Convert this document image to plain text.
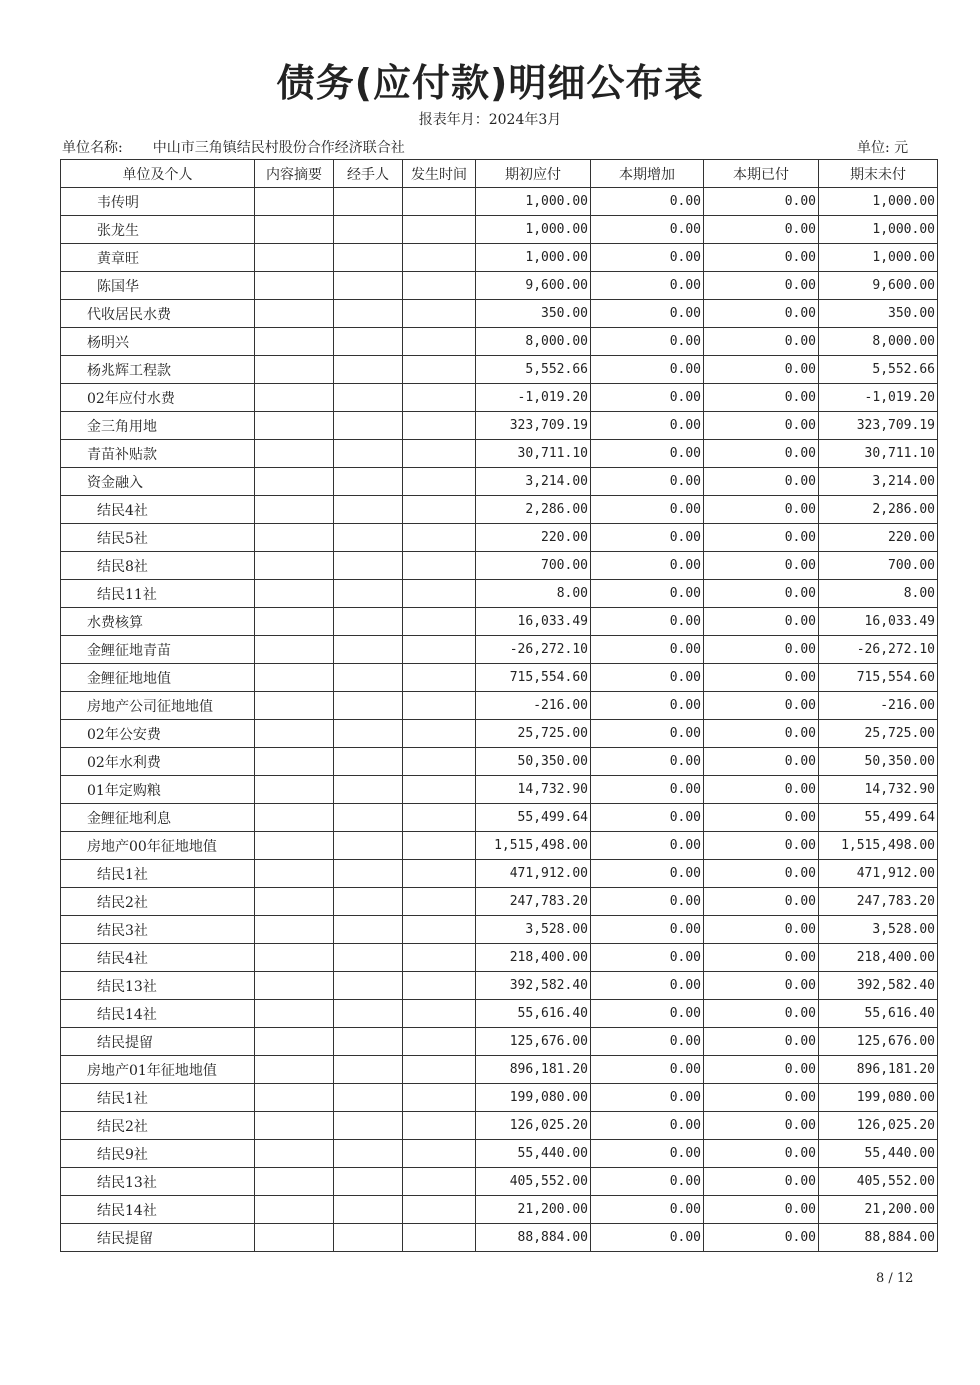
债务(应付款)明细公布表
报表年月：2024年3月
单位名称: 中山市三角镇结民村股份合作经济联合社	单位: 元
单位及个人	内容摘要	经手人	发生时间	期初应付	本期增加	本期已付	期末未付
韦传明				1,000.00	0.00	0.00	1,000.00
张龙生				1,000.00	0.00	0.00	1,000.00
黄章旺				1,000.00	0.00	0.00	1,000.00
陈国华				9,600.00	0.00	0.00	9,600.00
代收居民水费				350.00	0.00	0.00	350.00
杨明兴				8,000.00	0.00	0.00	8,000.00
杨兆辉工程款				5,552.66	0.00	0.00	5,552.66
02年应付水费				-1,019.20	0.00	0.00	-1,019.20
金三角用地				323,709.19	0.00	0.00	323,709.19
青苗补贴款				30,711.10	0.00	0.00	30,711.10
资金融入				3,214.00	0.00	0.00	3,214.00
结民4社				2,286.00	0.00	0.00	2,286.00
结民5社				220.00	0.00	0.00	220.00
结民8社				700.00	0.00	0.00	700.00
结民11社				8.00	0.00	0.00	8.00
水费核算				16,033.49	0.00	0.00	16,033.49
金鲤征地青苗				-26,272.10	0.00	0.00	-26,272.10
金鲤征地地值				715,554.60	0.00	0.00	715,554.60
房地产公司征地地值				-216.00	0.00	0.00	-216.00
02年公安费				25,725.00	0.00	0.00	25,725.00
02年水利费				50,350.00	0.00	0.00	50,350.00
01年定购粮				14,732.90	0.00	0.00	14,732.90
金鲤征地利息				55,499.64	0.00	0.00	55,499.64
房地产00年征地地值				1,515,498.00	0.00	0.00	1,515,498.00
结民1社				471,912.00	0.00	0.00	471,912.00
结民2社				247,783.20	0.00	0.00	247,783.20
结民3社				3,528.00	0.00	0.00	3,528.00
结民4社				218,400.00	0.00	0.00	218,400.00
结民13社				392,582.40	0.00	0.00	392,582.40
结民14社				55,616.40	0.00	0.00	55,616.40
结民提留				125,676.00	0.00	0.00	125,676.00
房地产01年征地地值				896,181.20	0.00	0.00	896,181.20
结民1社				199,080.00	0.00	0.00	199,080.00
结民2社				126,025.20	0.00	0.00	126,025.20
结民9社				55,440.00	0.00	0.00	55,440.00
结民13社				405,552.00	0.00	0.00	405,552.00
结民14社				21,200.00	0.00	0.00	21,200.00
结民提留				88,884.00	0.00	0.00	88,884.00
8 / 12
